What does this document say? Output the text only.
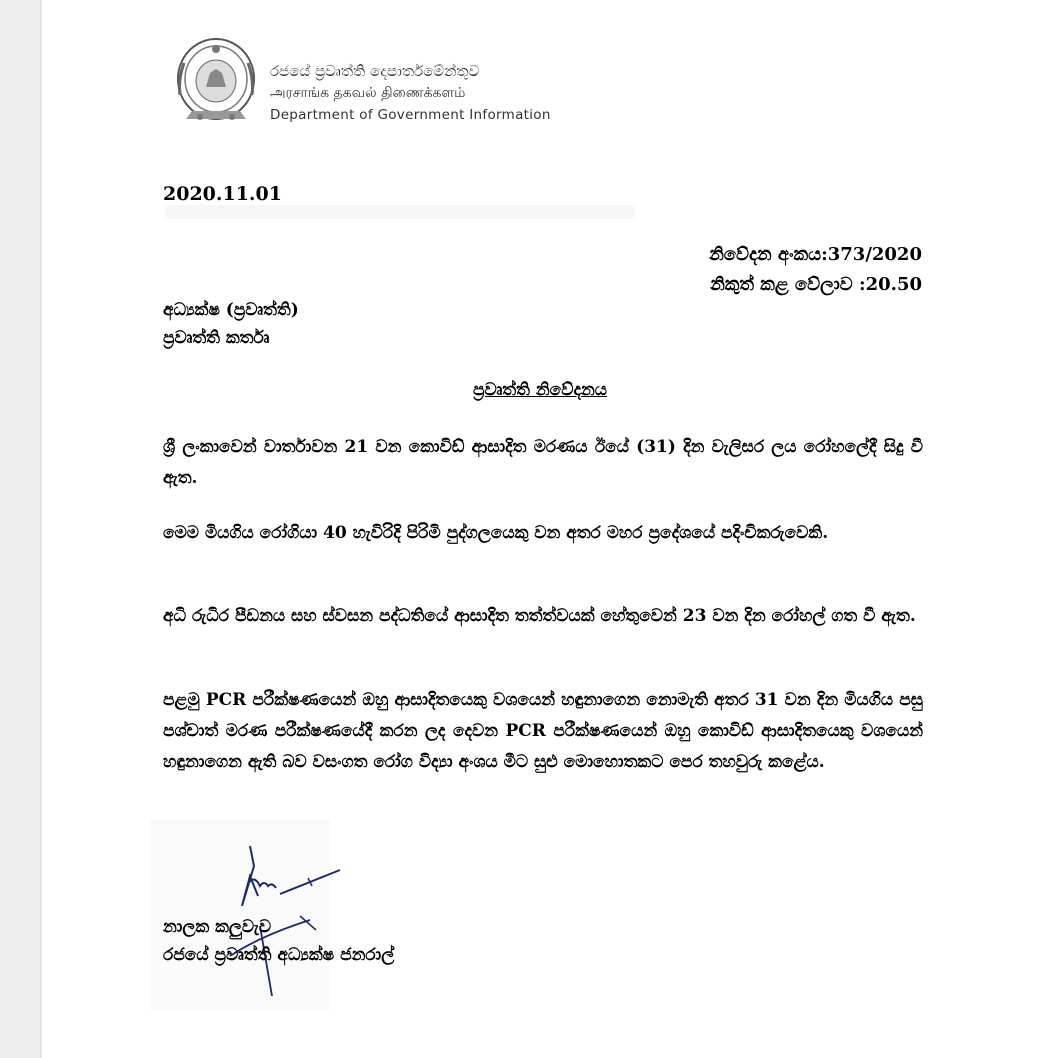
රජයේ ප්‍රවෘත්ති දෙපාර්තමේන්තුව
அரசாங்க தகவல் திணைக்களம்
Department of Government Information
2020.11.01
නිවේදන අංකය:373/2020
නිකුත් කළ වේලාව :20.50
අධ්‍යක්ෂ (ප්‍රවෘත්ති)
ප්‍රවෘත්ති කර්තෘ
ප්‍රවෘත්ති නිවේදනය
ශ්‍රී ලංකාවෙන් වාර්තාවන 21 වන කොවිඩ් ආසාදිත මරණය ඊයේ (31) දින වැලිසර ලය රෝහලේදී සිදු වී ඇත.
මෙම මියගිය රෝගියා 40 හැවිරිදි පිරිමි පුද්ගලයෙකු වන අතර මහර ප්‍රදේශයේ පදිංචිකරුවෙකි.
අධි රුධිර පීඩනය සහ ස්වසන පද්ධතියේ ආසාදිත තත්ත්වයක් හේතුවෙන් 23 වන දින රෝහල් ගත වී ඇත.
පළමු PCR පරීක්ෂණයෙන් ඔහු ආසාදිතයෙකු වශයෙන් හඳුනාගෙන නොමැති අතර 31 වන දින මියගිය පසු පශ්චාත් මරණ පරීක්ෂණයේදී කරන ලද දෙවන PCR පරීක්ෂණයෙන් ඔහු කොවිඩ් ආසාදිතයෙකු වශයෙන් හඳුනාගෙන ඇති බව වසංගත රෝග විද්‍යා අංශය මීට සුළු මොහොතකට පෙර තහවුරු කළේය.
නාලක කලුවැව
රජයේ ප්‍රවෘත්ති අධ්‍යක්ෂ ජනරාල්
